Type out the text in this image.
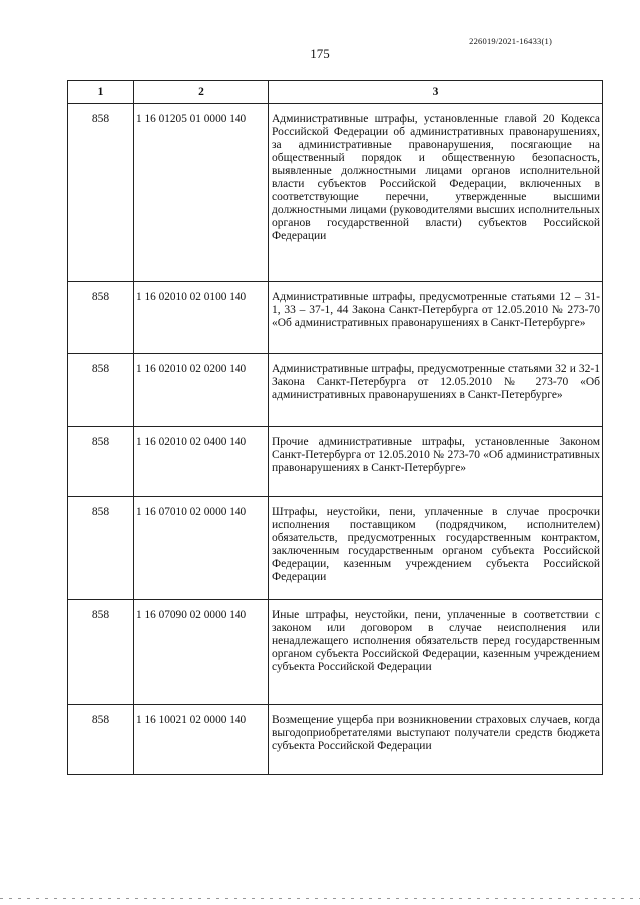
226019/2021-16433(1)
175
1	2	3
858	1 16 01205 01 0000 140	Административные штрафы, установленные главой 20 Кодекса Российской Федерации об административных правонарушениях, за административные правонарушения, посягающие на общественный порядок и общественную безопасность, выявленные должностными лицами органов исполнительной власти субъектов Российской Федерации, включенных в соответствующие перечни, утвержденные высшими должностными лицами (руководителями высших исполнительных органов государственной власти) субъектов Российской Федерации
858	1 16 02010 02 0100 140	Административные штрафы, предусмотренные статьями 12 – 31-1, 33 – 37-1, 44 Закона Санкт-Петербурга от 12.05.2010 № 273-70 «Об административных правонарушениях в Санкт-Петербурге»
858	1 16 02010 02 0200 140	Административные штрафы, предусмотренные статьями 32 и 32-1 Закона Санкт-Петербурга от 12.05.2010 № 273-70 «Об административных правонарушениях в Санкт-Петербурге»
858	1 16 02010 02 0400 140	Прочие административные штрафы, установленные Законом Санкт-Петербурга от 12.05.2010 № 273-70 «Об административных правонарушениях в Санкт-Петербурге»
858	1 16 07010 02 0000 140	Штрафы, неустойки, пени, уплаченные в случае просрочки исполнения поставщиком (подрядчиком, исполнителем) обязательств, предусмотренных государственным контрактом, заключенным государственным органом субъекта Российской Федерации, казенным учреждением субъекта Российской Федерации
858	1 16 07090 02 0000 140	Иные штрафы, неустойки, пени, уплаченные в соответствии с законом или договором в случае неисполнения или ненадлежащего исполнения обязательств перед государственным органом субъекта Российской Федерации, казенным учреждением субъекта Российской Федерации
858	1 16 10021 02 0000 140	Возмещение ущерба при возникновении страховых случаев, когда выгодоприобретателями выступают получатели средств бюджета субъекта Российской Федерации
